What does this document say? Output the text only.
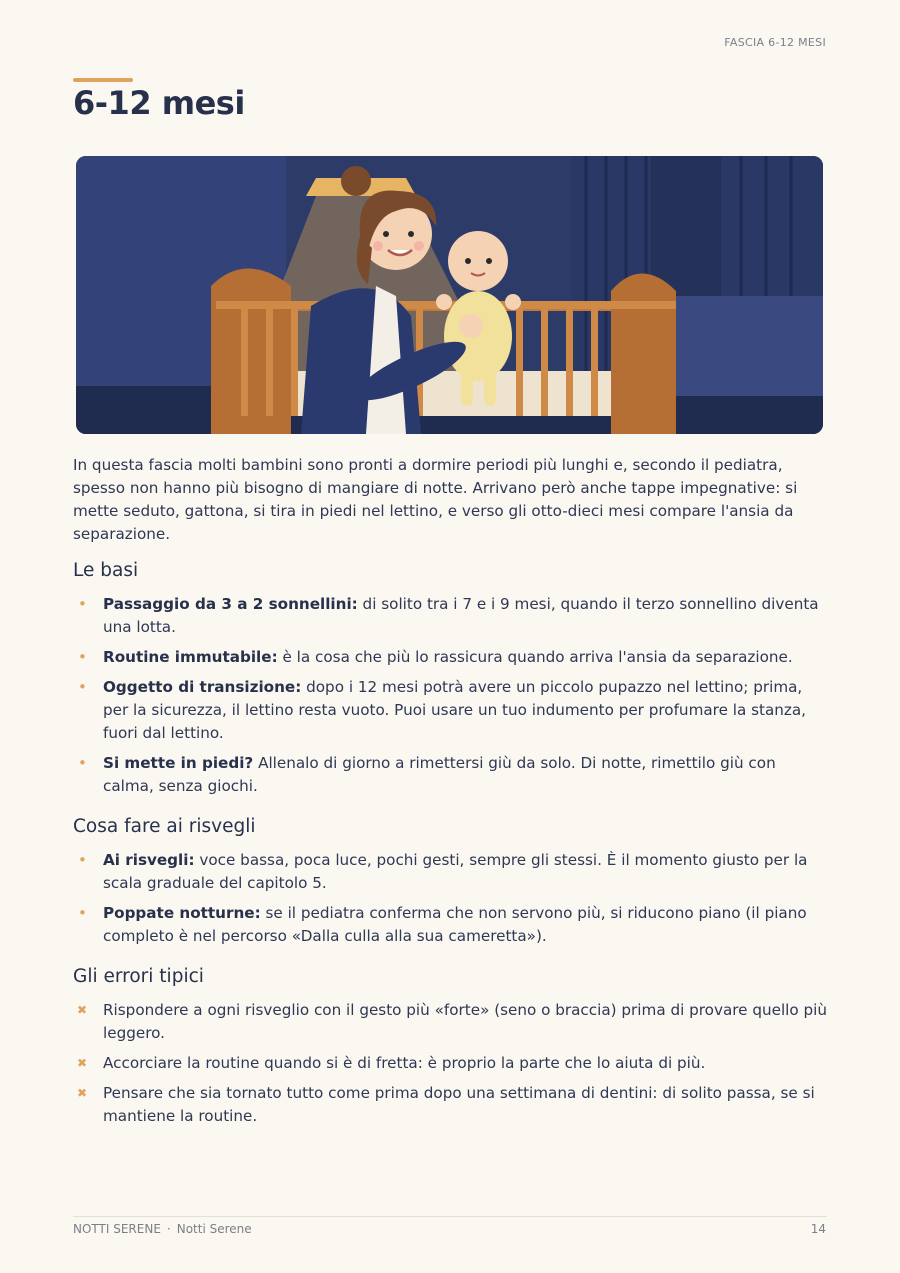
FASCIA 6-12 MESI
6-12 mesi

In questa fascia molti bambini sono pronti a dormire periodi più lunghi e, secondo il pediatra, spesso non hanno più bisogno di mangiare di notte. Arrivano però anche tappe impegnative: si mette seduto, gattona, si tira in piedi nel lettino, e verso gli otto-dieci mesi compare l'ansia da separazione.

Le basi
• Passaggio da 3 a 2 sonnellini: di solito tra i 7 e i 9 mesi, quando il terzo sonnellino diventa una lotta.
• Routine immutabile: è la cosa che più lo rassicura quando arriva l'ansia da separazione.
• Oggetto di transizione: dopo i 12 mesi potrà avere un piccolo pupazzo nel lettino; prima, per la sicurezza, il lettino resta vuoto. Puoi usare un tuo indumento per profumare la stanza, fuori dal lettino.
• Si mette in piedi? Allenalo di giorno a rimettersi giù da solo. Di notte, rimettilo giù con calma, senza giochi.
Cosa fare ai risvegli
• Ai risvegli: voce bassa, poca luce, pochi gesti, sempre gli stessi. È il momento giusto per la scala graduale del capitolo 5.
• Poppate notturne: se il pediatra conferma che non servono più, si riducono piano (il piano completo è nel percorso «Dalla culla alla sua cameretta»).
Gli errori tipici
✖ Rispondere a ogni risveglio con il gesto più «forte» (seno o braccia) prima di provare quello più leggero.
✖ Accorciare la routine quando si è di fretta: è proprio la parte che lo aiuta di più.
✖ Pensare che sia tornato tutto come prima dopo una settimana di dentini: di solito passa, se si mantiene la routine.
NOTTI SERENE · Notti Serene	14
